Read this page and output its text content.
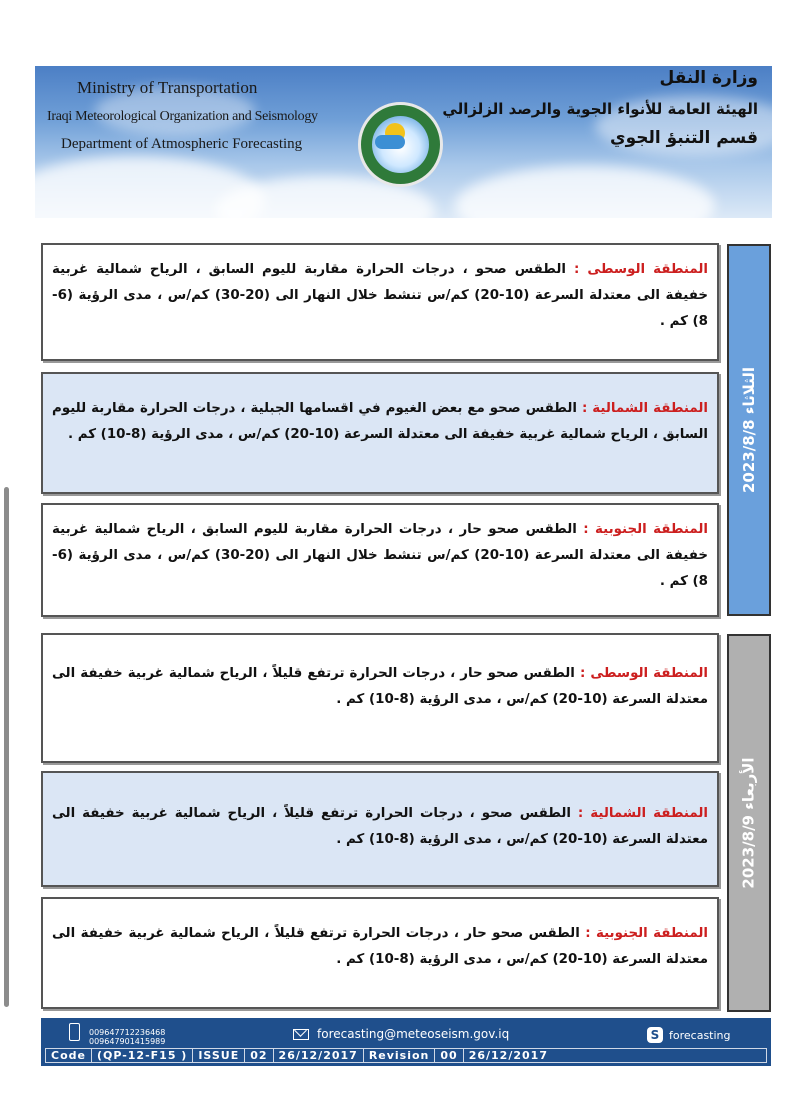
Ministry of Transportation
Iraqi Meteorological Organization and Seismology
Department of Atmospheric Forecasting
وزارة النقل
الهيئة العامة للأنواء الجوية والرصد الزلزالي
قسم التنبؤ الجوي
الثلاثاء 2023/8/8
المنطقة الوسطى : الطقس صحو ، درجات الحرارة مقاربة لليوم السابق ، الرياح شمالية غربية خفيفة الى معتدلة السرعة (10-20) كم/س تنشط خلال النهار الى (20-30) كم/س ، مدى الرؤية (6-8) كم .
المنطقة الشمالية : الطقس صحو مع بعض الغيوم في اقسامها الجبلية ، درجات الحرارة مقاربة لليوم السابق ، الرياح شمالية غربية خفيفة الى معتدلة السرعة (10-20) كم/س ، مدى الرؤية (8-10) كم .
المنطقة الجنوبية : الطقس صحو حار ، درجات الحرارة مقاربة لليوم السابق ، الرياح شمالية غربية خفيفة الى معتدلة السرعة (10-20) كم/س تنشط خلال النهار الى (20-30) كم/س ، مدى الرؤية (6-8) كم .
الأربعاء 2023/8/9
المنطقة الوسطى : الطقس صحو حار ، درجات الحرارة ترتفع قليلاً ، الرياح شمالية غربية خفيفة الى معتدلة السرعة (10-20) كم/س ، مدى الرؤية (8-10) كم .
المنطقة الشمالية : الطقس صحو ، درجات الحرارة ترتفع قليلاً ، الرياح شمالية غربية خفيفة الى معتدلة السرعة (10-20) كم/س ، مدى الرؤية (8-10) كم .
المنطقة الجنوبية : الطقس صحو حار ، درجات الحرارة ترتفع قليلاً ، الرياح شمالية غربية خفيفة الى معتدلة السرعة (10-20) كم/س ، مدى الرؤية (8-10) كم .
009647712236468
009647901415989
forecasting@meteoseism.gov.iq	S forecasting
Code	(QP-12-F15 )	ISSUE	02	26/12/2017	Revision	00	26/12/2017
